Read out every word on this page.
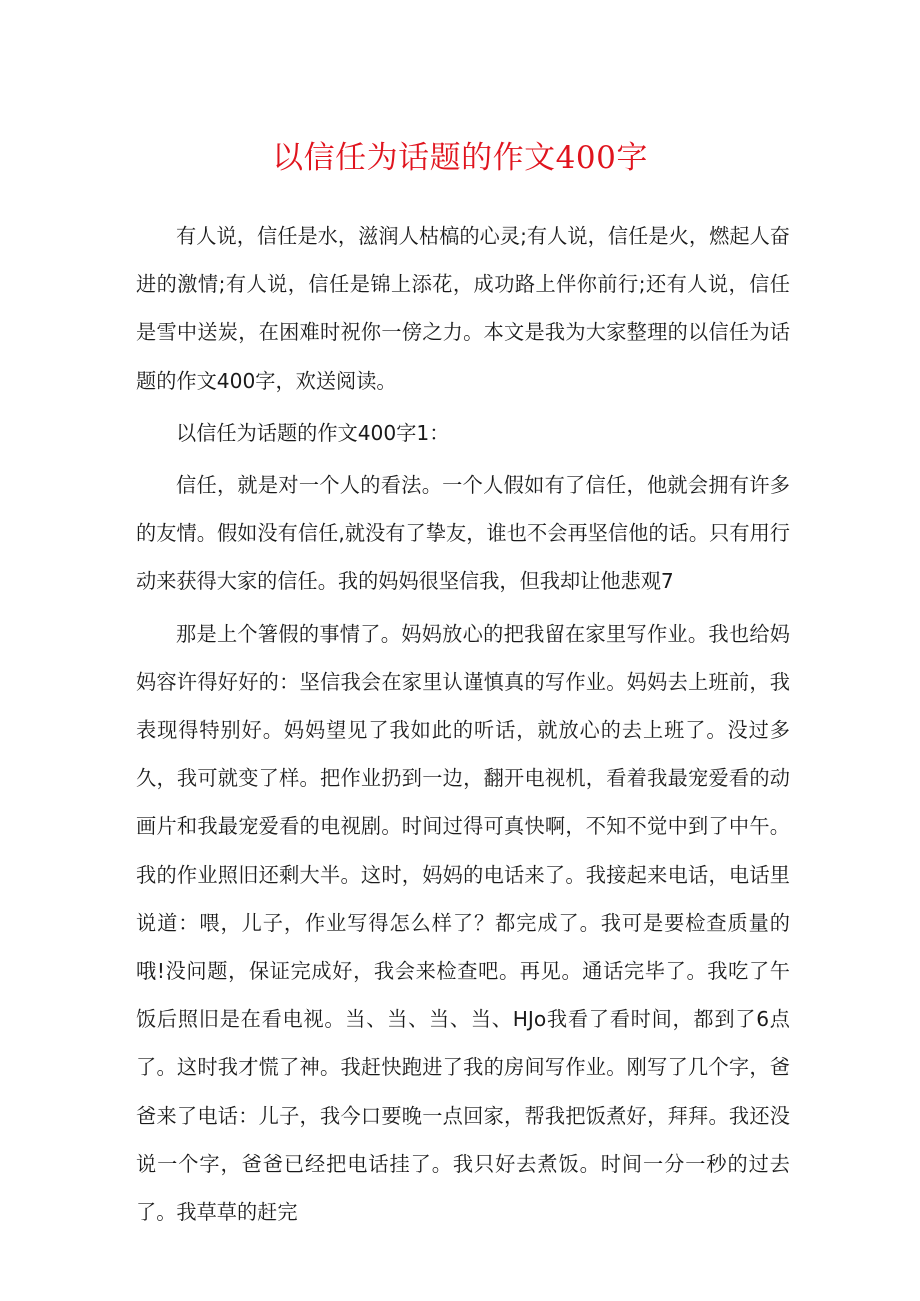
以信任为话题的作文400字

有人说，信任是水，滋润人枯槁的心灵;有人说，信任是火，燃起人奋进的激情;有人说，信任是锦上添花，成功路上伴你前行;还有人说，信任是雪中送炭，在困难时祝你一傍之力。本文是我为大家整理的以信任为话题的作文400字，欢送阅读。

以信任为话题的作文400字1：

信任，就是对一个人的看法。一个人假如有了信任，他就会拥有许多的友情。假如没有信任,就没有了挚友，谁也不会再坚信他的话。只有用行动来获得大家的信任。我的妈妈很坚信我，但我却让他悲观7

那是上个箸假的事情了。妈妈放心的把我留在家里写作业。我也给妈妈容许得好好的：坚信我会在家里认谨慎真的写作业。妈妈去上班前，我表现得特别好。妈妈望见了我如此的听话，就放心的去上班了。没过多久，我可就变了样。把作业扔到一边，翻开电视机，看着我最宠爱看的动画片和我最宠爱看的电视剧。时间过得可真快啊，不知不觉中到了中午。我的作业照旧还剩大半。这时，妈妈的电话来了。我接起来电话，电话里说道：喂，儿子，作业写得怎么样了？都完成了。我可是要检查质量的哦!没问题，保证完成好，我会来检查吧。再见。通话完毕了。我吃了午饭后照旧是在看电视。当、当、当、当、HJo我看了看时间，都到了6点了。这时我才慌了神。我赶快跑进了我的房间写作业。刚写了几个字，爸爸来了电话：儿子，我今口要晚一点回家，帮我把饭煮好，拜拜。我还没说一个字，爸爸已经把电话挂了。我只好去煮饭。时间一分一秒的过去了。我草草的赶完
